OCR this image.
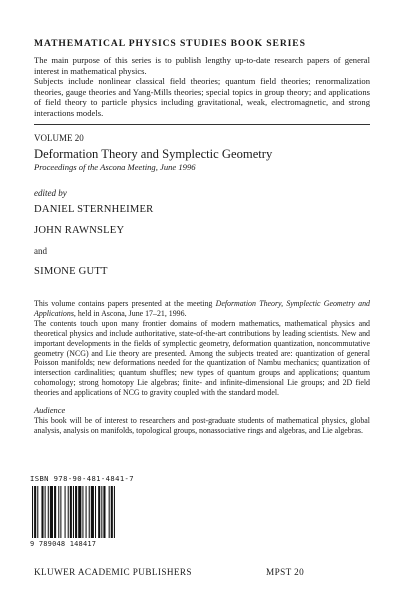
MATHEMATICAL PHYSICS STUDIES BOOK SERIES

The main purpose of this series is to publish lengthy up-to-date research papers of general interest in mathematical physics.

Subjects include nonlinear classical field theories; quantum field theories; renormalization theories, gauge theories and Yang-Mills theories; special topics in group theory; and applications of field theory to particle physics including gravitational, weak, electromagnetic, and strong interactions models.

VOLUME 20
Deformation Theory and Symplectic Geometry
Proceedings of the Ascona Meeting, June 1996
edited by
DANIEL STERNHEIMER
JOHN RAWNSLEY
and
SIMONE GUTT

This volume contains papers presented at the meeting Deformation Theory, Symplectic Geometry and Applications, held in Ascona, June 17–21, 1996.

The contents touch upon many frontier domains of modern mathematics, mathematical physics and theoretical physics and include authoritative, state-of-the-art contributions by leading scientists. New and important developments in the fields of symplectic geometry, deformation quantization, noncommutative geometry (NCG) and Lie theory are presented. Among the subjects treated are: quantization of general Poisson manifolds; new deformations needed for the quantization of Nambu mechanics; quantization of intersection cardinalities; quantum shuffles; new types of quantum groups and applications; quantum cohomology; strong homotopy Lie algebras; finite- and infinite-dimensional Lie groups; and 2D field theories and applications of NCG to gravity coupled with the standard model.

Audience

This book will be of interest to researchers and post-graduate students of mathematical physics, global analysis, analysis on manifolds, topological groups, nonassociative rings and algebras, and Lie algebras.

ISBN 978-90-481-4841-7
9 789048 148417
KLUWER ACADEMIC PUBLISHERS	MPST 20
